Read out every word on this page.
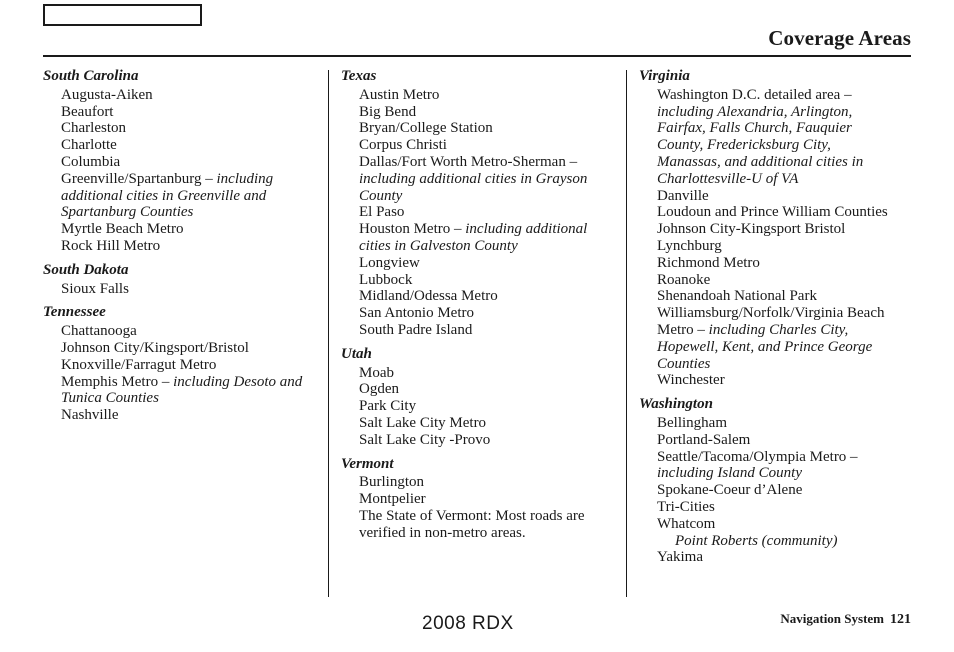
Coverage Areas
South Carolina
Augusta-Aiken
Beaufort
Charleston
Charlotte
Columbia
Greenville/Spartanburg – including additional cities in Greenville and Spartanburg Counties
Myrtle Beach Metro
Rock Hill Metro
South Dakota
Sioux Falls
Tennessee
Chattanooga
Johnson City/Kingsport/Bristol
Knoxville/Farragut Metro
Memphis Metro – including Desoto and Tunica Counties
Nashville
Texas
Austin Metro
Big Bend
Bryan/College Station
Corpus Christi
Dallas/Fort Worth Metro-Sherman – including additional cities in Grayson County
El Paso
Houston Metro – including additional cities in Galveston County
Longview
Lubbock
Midland/Odessa Metro
San Antonio Metro
South Padre Island
Utah
Moab
Ogden
Park City
Salt Lake City Metro
Salt Lake City -Provo
Vermont
Burlington
Montpelier
The State of Vermont: Most roads are verified in non-metro areas.
Virginia
Washington D.C. detailed area – including Alexandria, Arlington, Fairfax, Falls Church, Fauquier County, Fredericksburg City, Manassas, and additional cities in Charlottesville-U of VA
Danville
Loudoun and Prince William Counties
Johnson City-Kingsport Bristol
Lynchburg
Richmond Metro
Roanoke
Shenandoah National Park
Williamsburg/Norfolk/Virginia Beach Metro – including Charles City, Hopewell, Kent, and Prince George Counties
Winchester
Washington
Bellingham
Portland-Salem
Seattle/Tacoma/Olympia Metro – including Island County
Spokane-Coeur d’Alene
Tri-Cities
Whatcom
Point Roberts (community)
Yakima
2008 RDX	Navigation System 121
